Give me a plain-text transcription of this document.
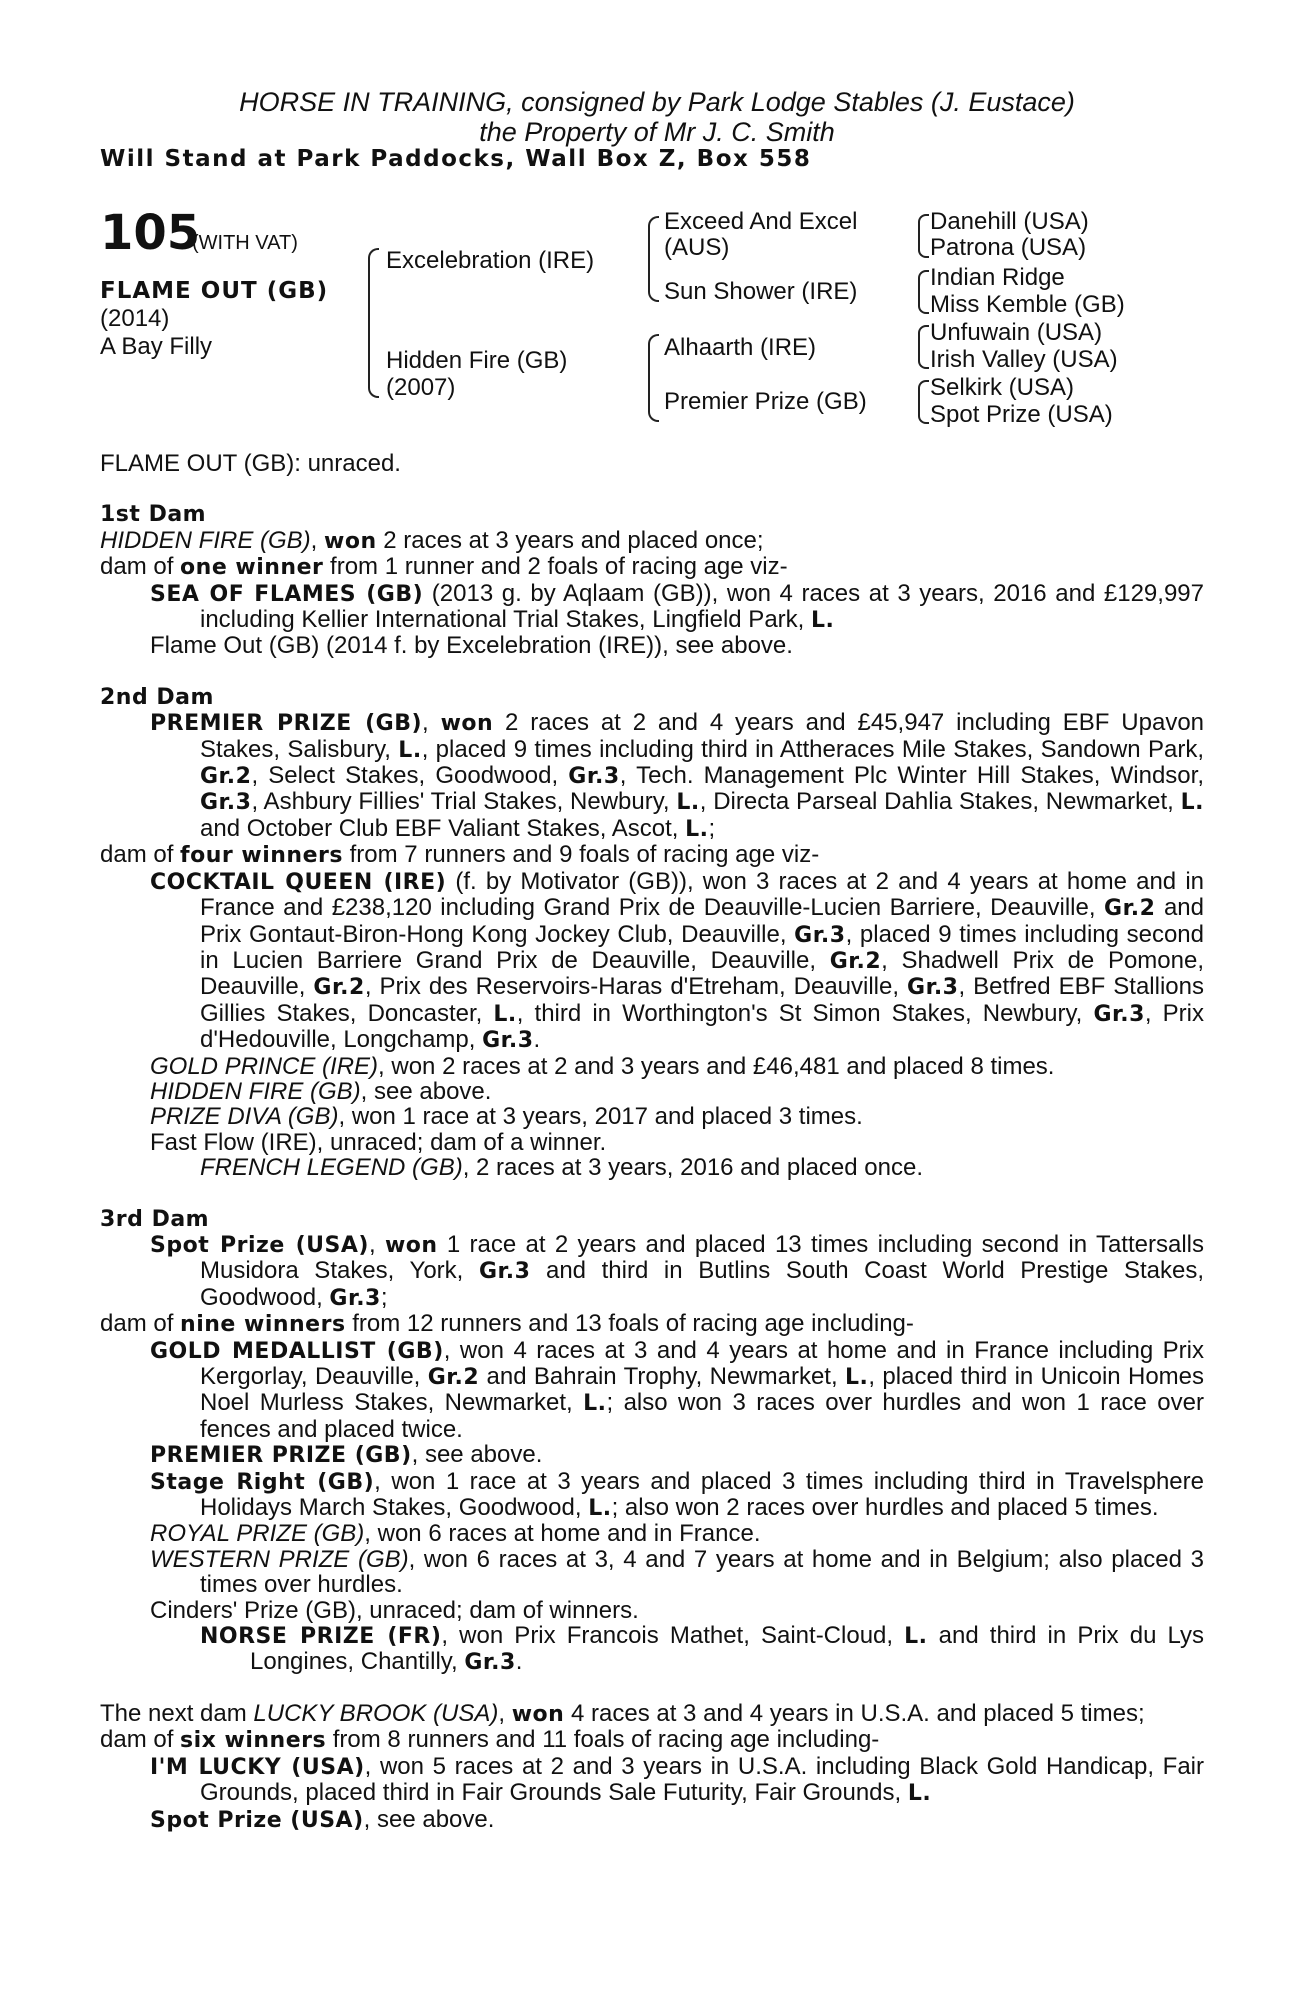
HORSE IN TRAINING, consigned by Park Lodge Stables (J. Eustace)
the Property of Mr J. C. Smith
Will Stand at Park Paddocks, Wall Box Z, Box 558
105
(WITH VAT)
FLAME OUT (GB)
(2014)
A Bay Filly
Excelebration (IRE)
Hidden Fire (GB)
(2007)
Exceed And Excel
(AUS)
Sun Shower (IRE)
Alhaarth (IRE)
Premier Prize (GB)
Danehill (USA)
Patrona (USA)
Indian Ridge
Miss Kemble (GB)
Unfuwain (USA)
Irish Valley (USA)
Selkirk (USA)
Spot Prize (USA)

FLAME OUT (GB): unraced.

1st Dam

HIDDEN FIRE (GB), won 2 races at 3 years and placed once;

dam of one winner from 1 runner and 2 foals of racing age viz-

SEA OF FLAMES (GB) (2013 g. by Aqlaam (GB)), won 4 races at 3 years, 2016 and £129,997 including Kellier International Trial Stakes, Lingfield Park, L.

Flame Out (GB) (2014 f. by Excelebration (IRE)), see above.

2nd Dam

PREMIER PRIZE (GB), won 2 races at 2 and 4 years and £45,947 including EBF Upavon Stakes, Salisbury, L., placed 9 times including third in Attheraces Mile Stakes, Sandown Park, Gr.2, Select Stakes, Goodwood, Gr.3, Tech. Management Plc Winter Hill Stakes, Windsor, Gr.3, Ashbury Fillies' Trial Stakes, Newbury, L., Directa Parseal Dahlia Stakes, Newmarket, L. and October Club EBF Valiant Stakes, Ascot, L.;

dam of four winners from 7 runners and 9 foals of racing age viz-

COCKTAIL QUEEN (IRE) (f. by Motivator (GB)), won 3 races at 2 and 4 years at home and in France and £238,120 including Grand Prix de Deauville-Lucien Barriere, Deauville, Gr.2 and Prix Gontaut-Biron-Hong Kong Jockey Club, Deauville, Gr.3, placed 9 times including second in Lucien Barriere Grand Prix de Deauville, Deauville, Gr.2, Shadwell Prix de Pomone, Deauville, Gr.2, Prix des Reservoirs-Haras d'Etreham, Deauville, Gr.3, Betfred EBF Stallions Gillies Stakes, Doncaster, L., third in Worthington's St Simon Stakes, Newbury, Gr.3, Prix d'Hedouville, Longchamp, Gr.3.

GOLD PRINCE (IRE), won 2 races at 2 and 3 years and £46,481 and placed 8 times.

HIDDEN FIRE (GB), see above.

PRIZE DIVA (GB), won 1 race at 3 years, 2017 and placed 3 times.

Fast Flow (IRE), unraced; dam of a winner.

FRENCH LEGEND (GB), 2 races at 3 years, 2016 and placed once.

3rd Dam

Spot Prize (USA), won 1 race at 2 years and placed 13 times including second in Tattersalls Musidora Stakes, York, Gr.3 and third in Butlins South Coast World Prestige Stakes, Goodwood, Gr.3;

dam of nine winners from 12 runners and 13 foals of racing age including-

GOLD MEDALLIST (GB), won 4 races at 3 and 4 years at home and in France including Prix Kergorlay, Deauville, Gr.2 and Bahrain Trophy, Newmarket, L., placed third in Unicoin Homes Noel Murless Stakes, Newmarket, L.; also won 3 races over hurdles and won 1 race over fences and placed twice.

PREMIER PRIZE (GB), see above.

Stage Right (GB), won 1 race at 3 years and placed 3 times including third in Travelsphere Holidays March Stakes, Goodwood, L.; also won 2 races over hurdles and placed 5 times.

ROYAL PRIZE (GB), won 6 races at home and in France.

WESTERN PRIZE (GB), won 6 races at 3, 4 and 7 years at home and in Belgium; also placed 3 times over hurdles.

Cinders' Prize (GB), unraced; dam of winners.

NORSE PRIZE (FR), won Prix Francois Mathet, Saint-Cloud, L. and third in Prix du Lys Longines, Chantilly, Gr.3.

The next dam LUCKY BROOK (USA), won 4 races at 3 and 4 years in U.S.A. and placed 5 times;

dam of six winners from 8 runners and 11 foals of racing age including-

I'M LUCKY (USA), won 5 races at 2 and 3 years in U.S.A. including Black Gold Handicap, Fair Grounds, placed third in Fair Grounds Sale Futurity, Fair Grounds, L.

Spot Prize (USA), see above.
